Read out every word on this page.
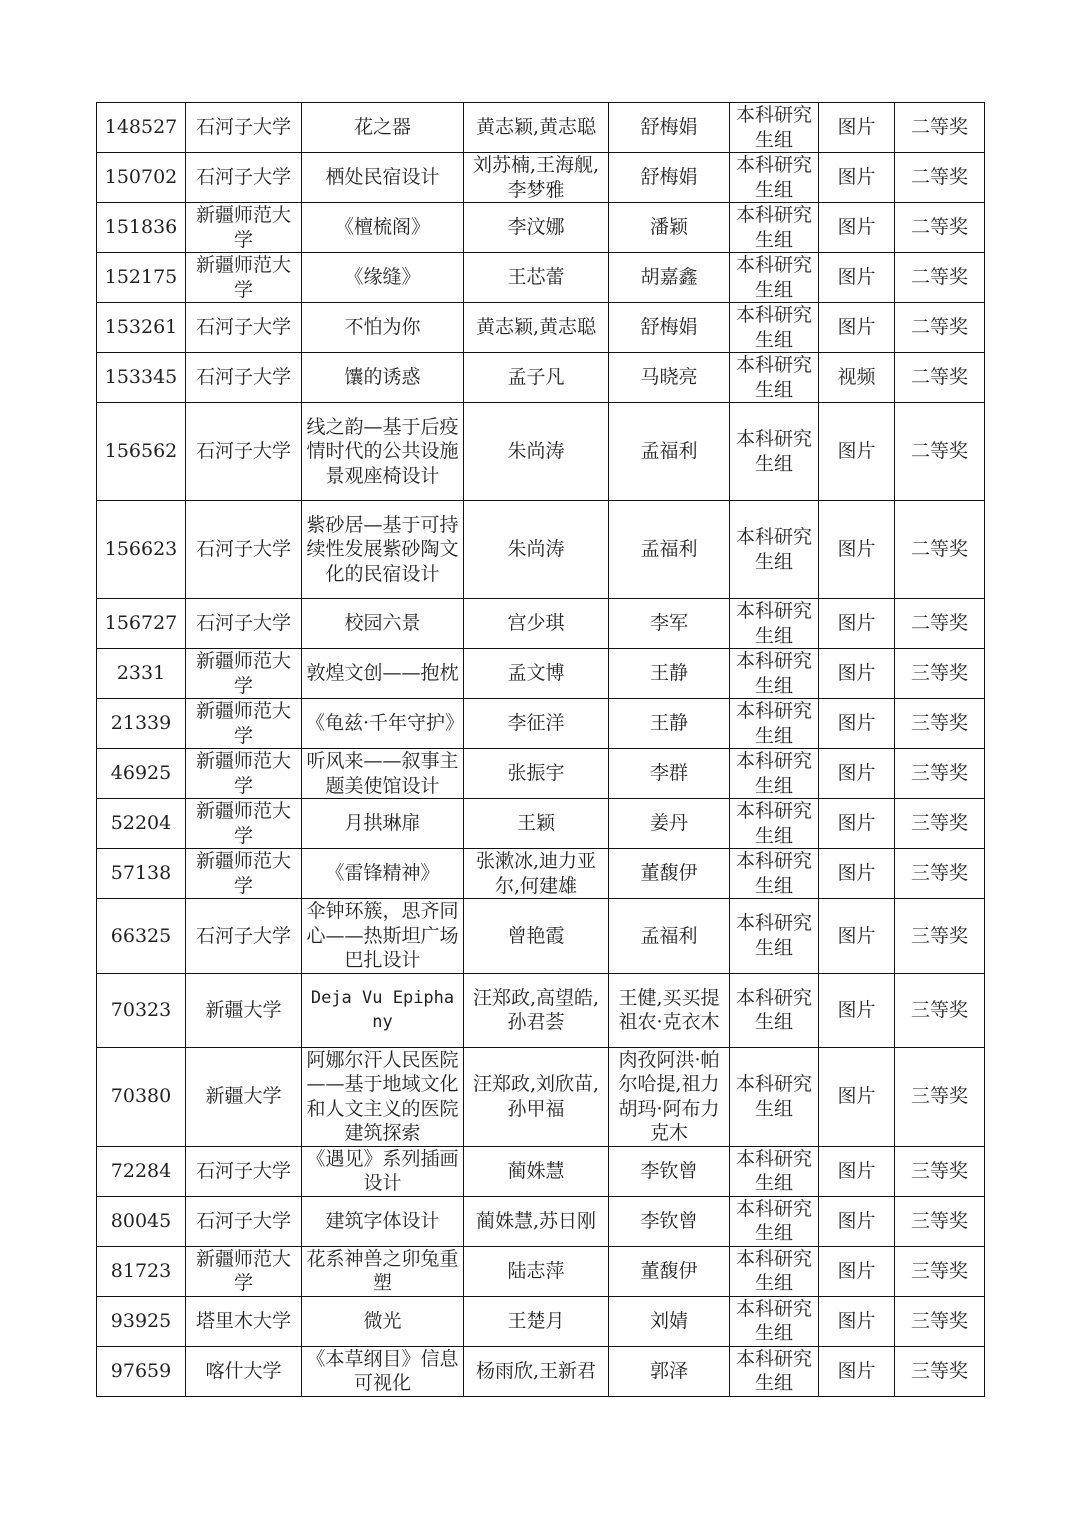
148527	石河子大学	花之器	黄志颖,黄志聪	舒梅娟	本科研究生组	图片	二等奖
150702	石河子大学	栖处民宿设计	刘苏楠,王海舰,李梦雅	舒梅娟	本科研究生组	图片	二等奖
151836	新疆师范大学	《檀梳阁》	李汶娜	潘颖	本科研究生组	图片	二等奖
152175	新疆师范大学	《缘缝》	王芯蕾	胡嘉鑫	本科研究生组	图片	二等奖
153261	石河子大学	不怕为你	黄志颖,黄志聪	舒梅娟	本科研究生组	图片	二等奖
153345	石河子大学	馕的诱惑	孟子凡	马晓亮	本科研究生组	视频	二等奖
156562	石河子大学	线之韵—基于后疫情时代的公共设施景观座椅设计	朱尚涛	孟福利	本科研究生组	图片	二等奖
156623	石河子大学	紫砂居—基于可持续性发展紫砂陶文化的民宿设计	朱尚涛	孟福利	本科研究生组	图片	二等奖
156727	石河子大学	校园六景	宫少琪	李军	本科研究生组	图片	二等奖
2331	新疆师范大学	敦煌文创——抱枕	孟文博	王静	本科研究生组	图片	三等奖
21339	新疆师范大学	《龟兹·千年守护》	李征洋	王静	本科研究生组	图片	三等奖
46925	新疆师范大学	听风来——叙事主题美使馆设计	张振宇	李群	本科研究生组	图片	三等奖
52204	新疆师范大学	月拱琳扉	王颖	姜丹	本科研究生组	图片	三等奖
57138	新疆师范大学	《雷锋精神》	张漱冰,迪力亚尔,何建雄	董馥伊	本科研究生组	图片	三等奖
66325	石河子大学	伞钟环簇，思齐同心——热斯坦广场巴扎设计	曾艳霞	孟福利	本科研究生组	图片	三等奖
70323	新疆大学	Deja Vu Epiphany	汪郑政,高望皓,孙君荟	王健,买买提祖农·克衣木	本科研究生组	图片	三等奖
70380	新疆大学	阿娜尔汗人民医院——基于地域文化和人文主义的医院建筑探索	汪郑政,刘欣苗,孙甲福	肉孜阿洪·帕尔哈提,祖力胡玛·阿布力克木	本科研究生组	图片	三等奖
72284	石河子大学	《遇见》系列插画设计	蔺姝慧	李钦曾	本科研究生组	图片	三等奖
80045	石河子大学	建筑字体设计	蔺姝慧,苏日刚	李钦曾	本科研究生组	图片	三等奖
81723	新疆师范大学	花系神兽之卯兔重塑	陆志萍	董馥伊	本科研究生组	图片	三等奖
93925	塔里木大学	微光	王楚月	刘婧	本科研究生组	图片	三等奖
97659	喀什大学	《本草纲目》信息可视化	杨雨欣,王新君	郭泽	本科研究生组	图片	三等奖
